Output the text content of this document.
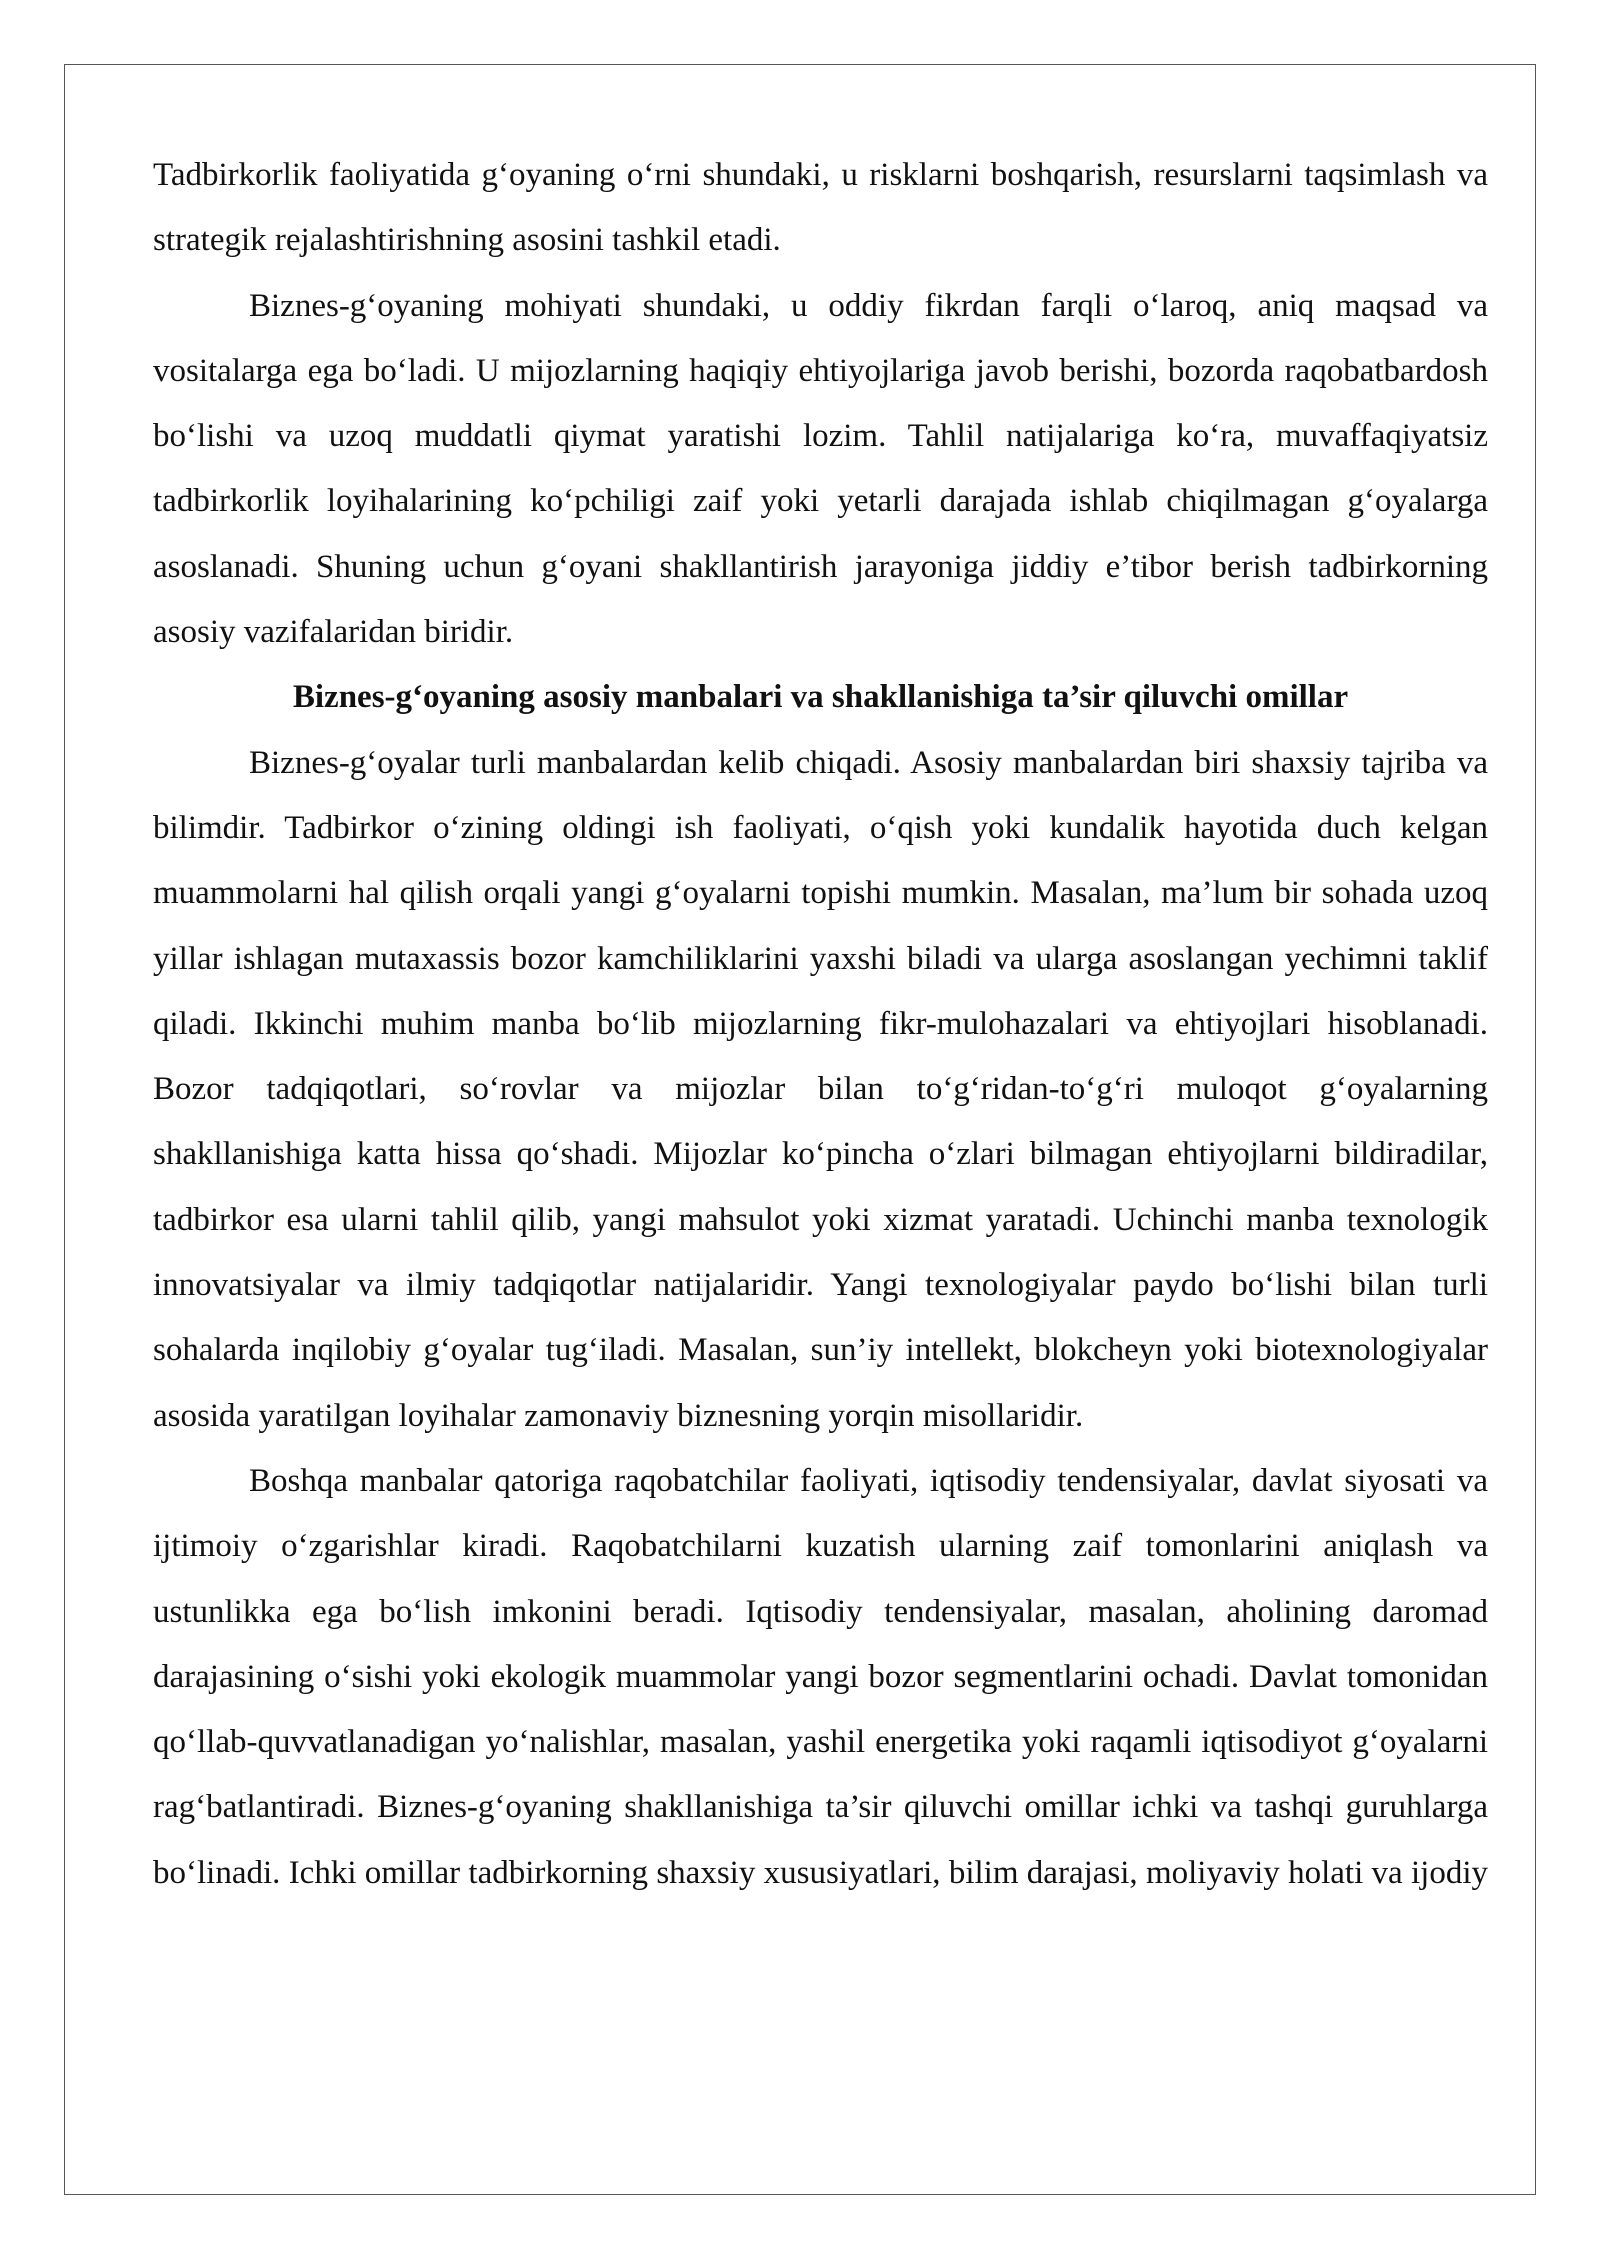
Tadbirkorlik faoliyatida g‘oyaning o‘rni shundaki, u risklarni boshqarish, resurslarni taqsimlash va strategik rejalashtirishning asosini tashkil etadi.

Biznes-g‘oyaning mohiyati shundaki, u oddiy fikrdan farqli o‘laroq, aniq maqsad va vositalarga ega bo‘ladi. U mijozlarning haqiqiy ehtiyojlariga javob berishi, bozorda raqobatbardosh bo‘lishi va uzoq muddatli qiymat yaratishi lozim. Tahlil natijalariga ko‘ra, muvaffaqiyatsiz tadbirkorlik loyihalarining ko‘pchiligi zaif yoki yetarli darajada ishlab chiqilmagan g‘oyalarga asoslanadi. Shuning uchun g‘oyani shakllantirish jarayoniga jiddiy e’tibor berish tadbirkorning asosiy vazifalaridan biridir.

Biznes-g‘oyaning asosiy manbalari va shakllanishiga ta’sir qiluvchi omillar

Biznes-g‘oyalar turli manbalardan kelib chiqadi. Asosiy manbalardan biri shaxsiy tajriba va bilimdir. Tadbirkor o‘zining oldingi ish faoliyati, o‘qish yoki kundalik hayotida duch kelgan muammolarni hal qilish orqali yangi g‘oyalarni topishi mumkin. Masalan, ma’lum bir sohada uzoq yillar ishlagan mutaxassis bozor kamchiliklarini yaxshi biladi va ularga asoslangan yechimni taklif qiladi. Ikkinchi muhim manba bo‘lib mijozlarning fikr-mulohazalari va ehtiyojlari hisoblanadi. Bozor tadqiqotlari, so‘rovlar va mijozlar bilan to‘g‘ridan-to‘g‘ri muloqot g‘oyalarning shakllanishiga katta hissa qo‘shadi. Mijozlar ko‘pincha o‘zlari bilmagan ehtiyojlarni bildiradilar, tadbirkor esa ularni tahlil qilib, yangi mahsulot yoki xizmat yaratadi. Uchinchi manba texnologik innovatsiyalar va ilmiy tadqiqotlar natijalaridir. Yangi texnologiyalar paydo bo‘lishi bilan turli sohalarda inqilobiy g‘oyalar tug‘iladi. Masalan, sun’iy intellekt, blokcheyn yoki biotexnologiyalar asosida yaratilgan loyihalar zamonaviy biznesning yorqin misollaridir.

Boshqa manbalar qatoriga raqobatchilar faoliyati, iqtisodiy tendensiyalar, davlat siyosati va ijtimoiy o‘zgarishlar kiradi. Raqobatchilarni kuzatish ularning zaif tomonlarini aniqlash va ustunlikka ega bo‘lish imkonini beradi. Iqtisodiy tendensiyalar, masalan, aholining daromad darajasining o‘sishi yoki ekologik muammolar yangi bozor segmentlarini ochadi. Davlat tomonidan qo‘llab-quvvatlanadigan yo‘nalishlar, masalan, yashil energetika yoki raqamli iqtisodiyot g‘oyalarni rag‘batlantiradi. Biznes-g‘oyaning shakllanishiga ta’sir qiluvchi omillar ichki va tashqi guruhlarga bo‘linadi. Ichki omillar tadbirkorning shaxsiy xususiyatlari, bilim darajasi, moliyaviy holati va ijodiy
